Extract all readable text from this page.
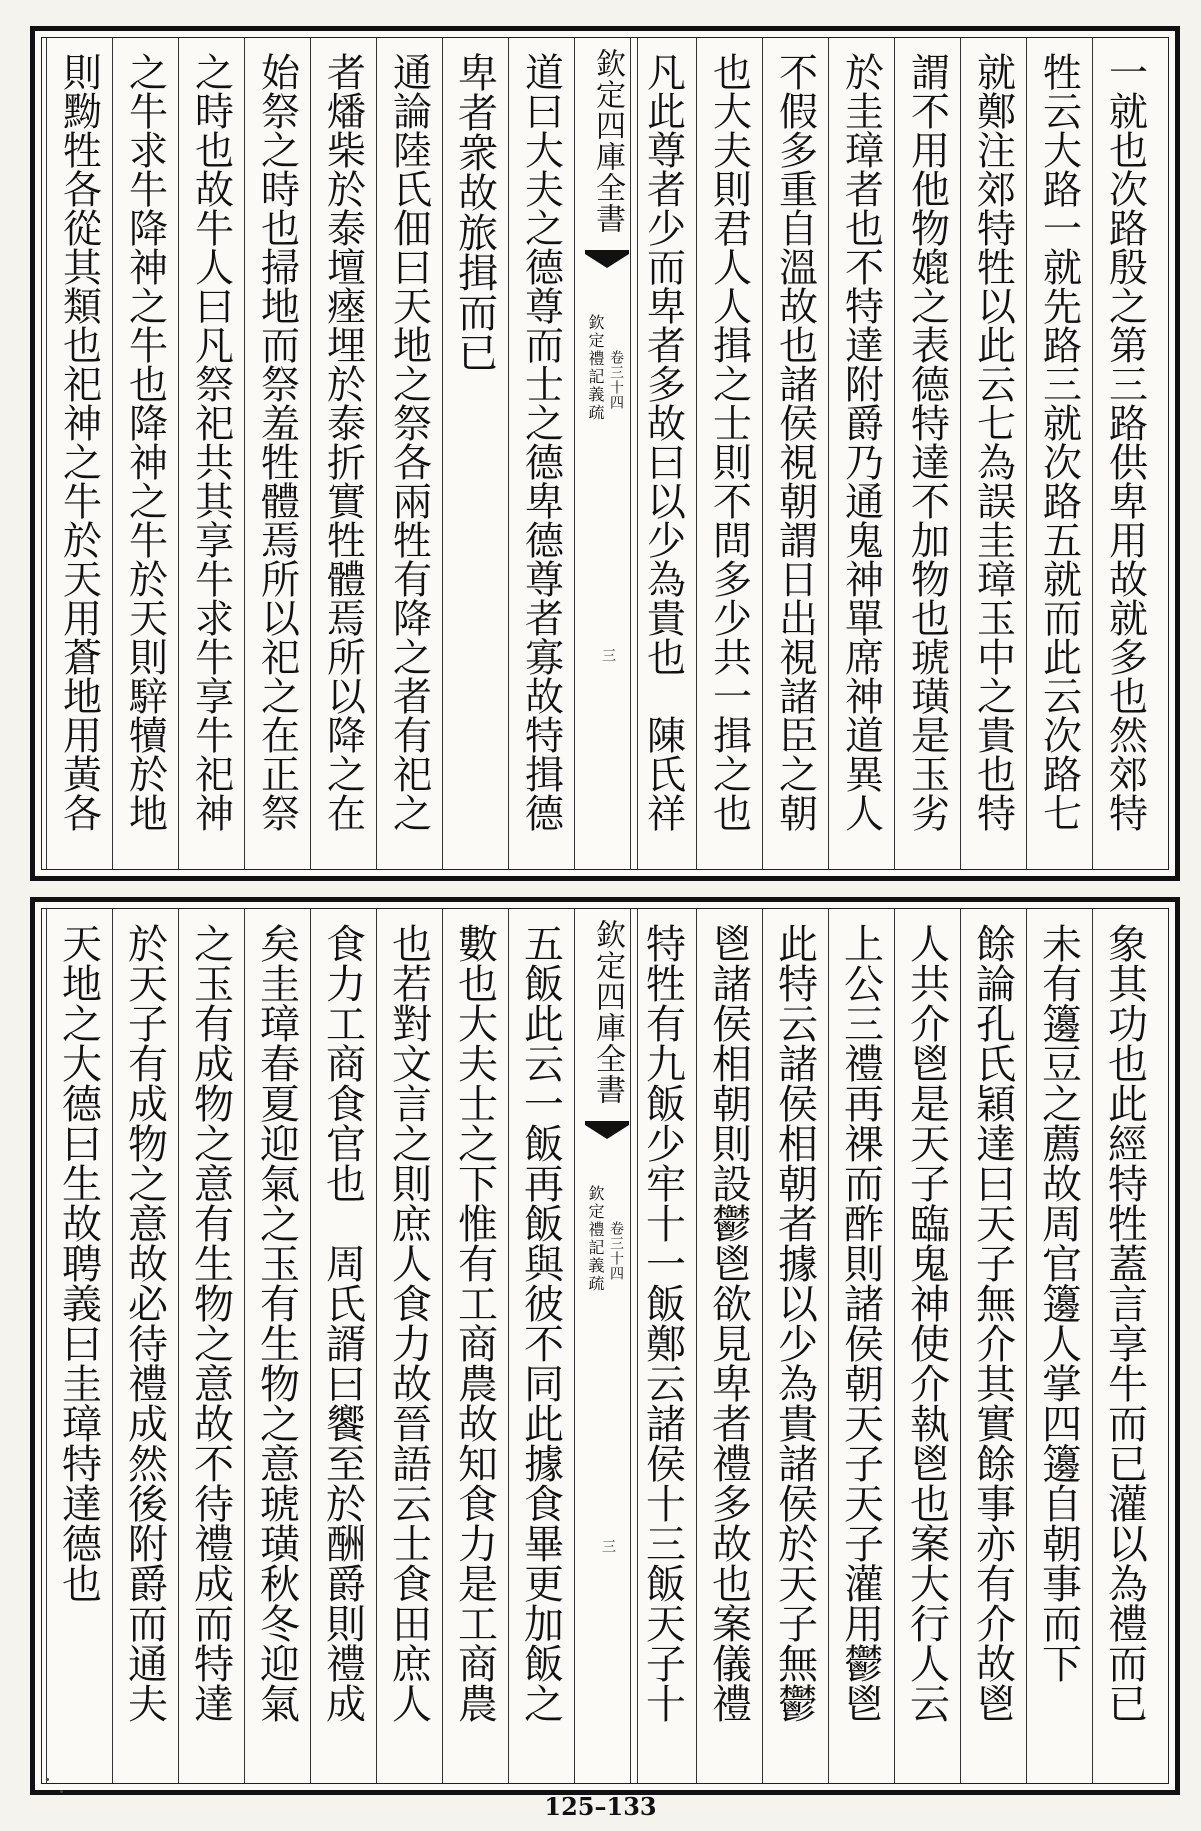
欽定四庫全書
欽定禮記義疏 卷三十四
三	一就也次路殷之第三路供卑用故就多也然郊特
牲云大路一就先路三就次路五就而此云次路七
就鄭注郊特牲以此云七為誤圭璋玉中之貴也特
謂不用他物媲之表德特達不加物也琥璜是玉劣
於圭璋者也不特達附爵乃通鬼神單席神道異人
不假多重自溫故也諸侯視朝謂日出視諸臣之朝
也大夫則君人人揖之士則不問多少共一揖之也
凡此尊者少而卑者多故曰以少為貴也　陳氏祥
道曰大夫之德尊而士之德卑德尊者寡故特揖德
卑者衆故旅揖而已
通論陸氏佃曰天地之祭各兩牲有降之者有祀之
者燔柴於泰壇瘞埋於泰折實牲體焉所以降之在
始祭之時也掃地而祭羞牲體焉所以祀之在正祭
之時也故牛人曰凡祭祀共其享牛求牛享牛祀神
之牛求牛降神之牛也降神之牛於天則騂犢於地
則黝牲各從其類也祀神之牛於天用蒼地用黃各
欽定四庫全書
欽定禮記義疏 卷三十四
三	象其功也此經特牲蓋言享牛而已灌以為禮而已
未有籩豆之薦故周官籩人掌四籩自朝事而下
餘論孔氏穎達曰天子無介其實餘事亦有介故鬯
人共介鬯是天子臨鬼神使介執鬯也案大行人云
上公三禮再祼而酢則諸侯朝天子天子灌用鬱鬯
此特云諸侯相朝者據以少為貴諸侯於天子無鬱
鬯諸侯相朝則設鬱鬯欲見卑者禮多故也案儀禮
特牲有九飯少牢十一飯鄭云諸侯十三飯天子十
五飯此云一飯再飯與彼不同此據食畢更加飯之
數也大夫士之下惟有工商農故知食力是工商農
也若對文言之則庶人食力故晉語云士食田庶人
食力工商食官也　周氏諝曰饗至於酬爵則禮成
矣圭璋春夏迎氣之玉有生物之意琥璜秋冬迎氣
之玉有成物之意有生物之意故不待禮成而特達
於天子有成物之意故必待禮成然後附爵而通夫
天地之大德曰生故聘義曰圭璋特達德也
125–133
